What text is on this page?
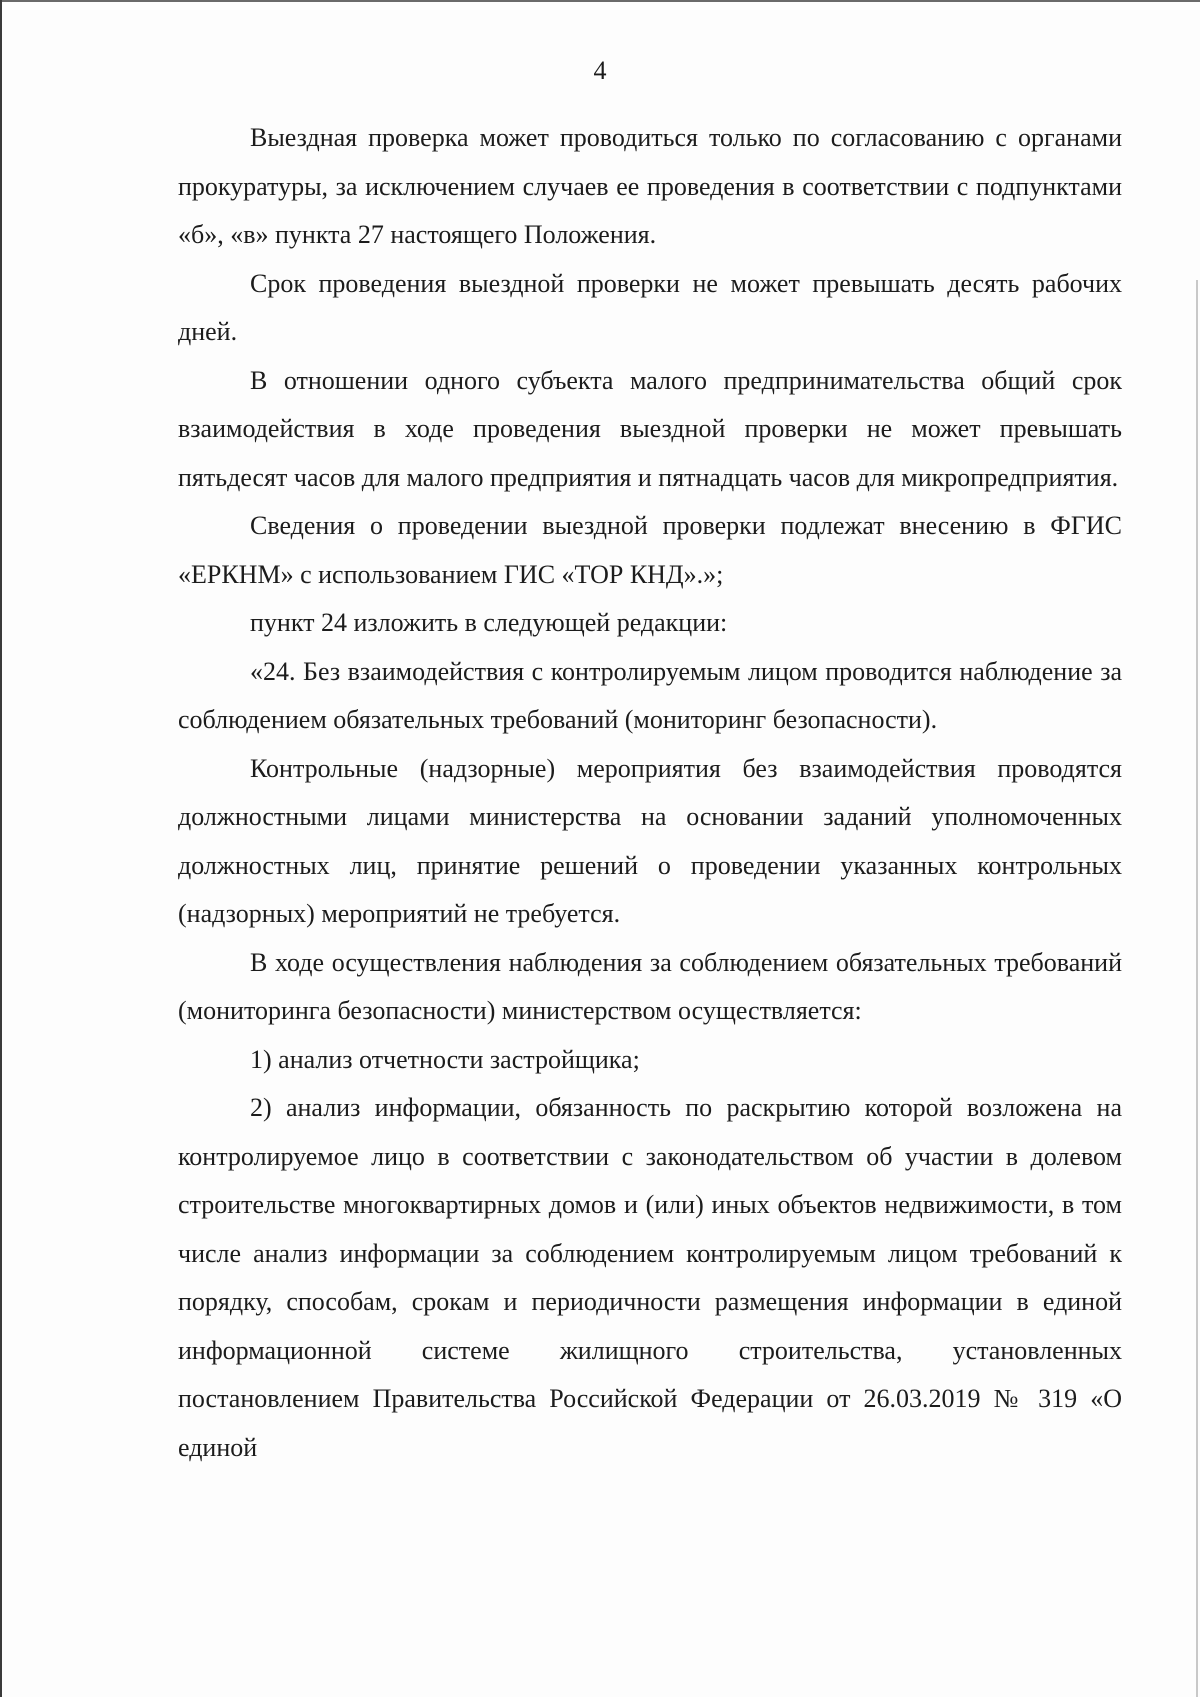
4

Выездная проверка может проводиться только по согласованию с органами прокуратуры, за исключением случаев ее проведения в соответствии с подпунктами «б», «в» пункта 27 настоящего Положения.

Срок проведения выездной проверки не может превышать десять рабочих дней.

В отношении одного субъекта малого предпринимательства общий срок взаимодействия в ходе проведения выездной проверки не может превышать пятьдесят часов для малого предприятия и пятнадцать часов для микропредприятия.

Сведения о проведении выездной проверки подлежат внесению в ФГИС «ЕРКНМ» с использованием ГИС «ТОР КНД».»;

пункт 24 изложить в следующей редакции:

«24. Без взаимодействия с контролируемым лицом проводится наблюдение за соблюдением обязательных требований (мониторинг безопасности).

Контрольные (надзорные) мероприятия без взаимодействия проводятся должностными лицами министерства на основании заданий уполномоченных должностных лиц, принятие решений о проведении указанных контрольных (надзорных) мероприятий не требуется.

В ходе осуществления наблюдения за соблюдением обязательных требований (мониторинга безопасности) министерством осуществляется:

1) анализ отчетности застройщика;

2) анализ информации, обязанность по раскрытию которой возложена на контролируемое лицо в соответствии с законодательством об участии в долевом строительстве многоквартирных домов и (или) иных объектов недвижимости, в том числе анализ информации за соблюдением контролируемым лицом требований к порядку, способам, срокам и периодичности размещения информации в единой информационной системе жилищного строительства, установленных постановлением Правительства Российской Федерации от 26.03.2019 № 319 «О единой
